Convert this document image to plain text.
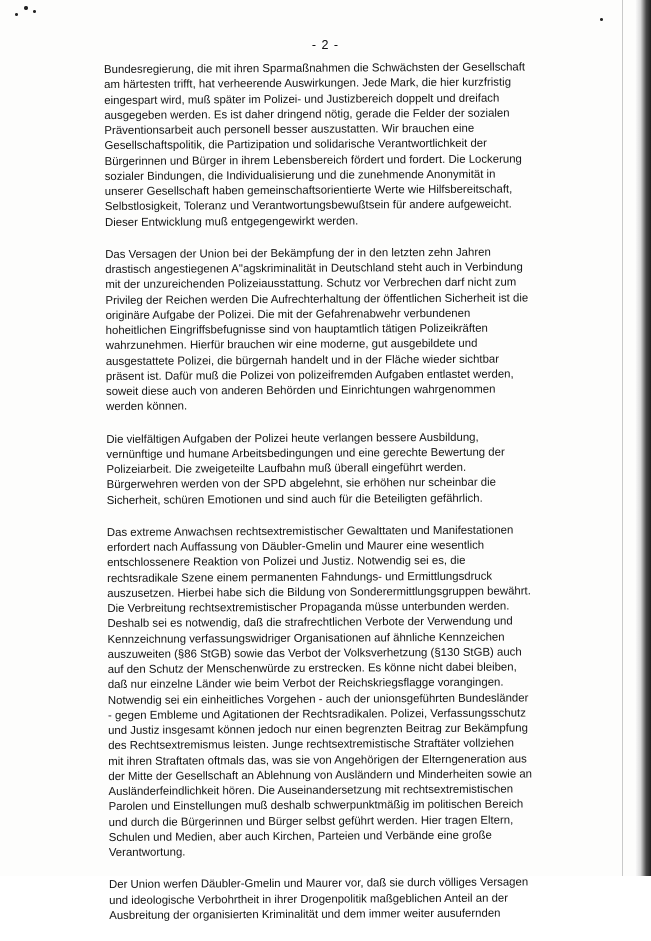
- 2 -

Bundesregierung, die mit ihren Sparmaßnahmen die Schwächsten der Gesellschaft
am härtesten trifft, hat verheerende Auswirkungen. Jede Mark, die hier kurzfristig
eingespart wird, muß später im Polizei- und Justizbereich doppelt und dreifach
ausgegeben werden. Es ist daher dringend nötig, gerade die Felder der sozialen
Präventionsarbeit auch personell besser auszustatten. Wir brauchen eine
Gesellschaftspolitik, die Partizipation und solidarische Verantwortlichkeit der
Bürgerinnen und Bürger in ihrem Lebensbereich fördert und fordert. Die Lockerung
sozialer Bindungen, die Individualisierung und die zunehmende Anonymität in
unserer Gesellschaft haben gemeinschaftsorientierte Werte wie Hilfsbereitschaft,
Selbstlosigkeit, Toleranz und Verantwortungsbewußtsein für andere aufgeweicht.
Dieser Entwicklung muß entgegengewirkt werden.

Das Versagen der Union bei der Bekämpfung der in den letzten zehn Jahren
drastisch angestiegenen A"agskriminalität in Deutschland steht auch in Verbindung
mit der unzureichenden Polizeiausstattung. Schutz vor Verbrechen darf nicht zum
Privileg der Reichen werden Die Aufrechterhaltung der öffentlichen Sicherheit ist die
originäre Aufgabe der Polizei. Die mit der Gefahrenabwehr verbundenen
hoheitlichen Eingriffsbefugnisse sind von hauptamtlich tätigen Polizeikräften
wahrzunehmen. Hierfür brauchen wir eine moderne, gut ausgebildete und
ausgestattete Polizei, die bürgernah handelt und in der Fläche wieder sichtbar
präsent ist. Dafür muß die Polizei von polizeifremden Aufgaben entlastet werden,
soweit diese auch von anderen Behörden und Einrichtungen wahrgenommen
werden können.

Die vielfältigen Aufgaben der Polizei heute verlangen bessere Ausbildung,
vernünftige und humane Arbeitsbedingungen und eine gerechte Bewertung der
Polizeiarbeit. Die zweigeteilte Laufbahn muß überall eingeführt werden.
Bürgerwehren werden von der SPD abgelehnt, sie erhöhen nur scheinbar die
Sicherheit, schüren Emotionen und sind auch für die Beteiligten gefährlich.

Das extreme Anwachsen rechtsextremistischer Gewalttaten und Manifestationen
erfordert nach Auffassung von Däubler-Gmelin und Maurer eine wesentlich
entschlossenere Reaktion von Polizei und Justiz. Notwendig sei es, die
rechtsradikale Szene einem permanenten Fahndungs- und Ermittlungsdruck
auszusetzen. Hierbei habe sich die Bildung von Sonderermittlungsgruppen bewährt.
Die Verbreitung rechtsextremistischer Propaganda müsse unterbunden werden.
Deshalb sei es notwendig, daß die strafrechtlichen Verbote der Verwendung und
Kennzeichnung verfassungswidriger Organisationen auf ähnliche Kennzeichen
auszuweiten (§86 StGB) sowie das Verbot der Volksverhetzung (§130 StGB) auch
auf den Schutz der Menschenwürde zu erstrecken. Es könne nicht dabei bleiben,
daß nur einzelne Länder wie beim Verbot der Reichskriegsflagge vorangingen.
Notwendig sei ein einheitliches Vorgehen - auch der unionsgeführten Bundesländer
- gegen Embleme und Agitationen der Rechtsradikalen. Polizei, Verfassungsschutz
und Justiz insgesamt können jedoch nur einen begrenzten Beitrag zur Bekämpfung
des Rechtsextremismus leisten. Junge rechtsextremistische Straftäter vollziehen
mit ihren Straftaten oftmals das, was sie von Angehörigen der Elterngeneration aus
der Mitte der Gesellschaft an Ablehnung von Ausländern und Minderheiten sowie an
Ausländerfeindlichkeit hören. Die Auseinandersetzung mit rechtsextremistischen
Parolen und Einstellungen muß deshalb schwerpunktmäßig im politischen Bereich
und durch die Bürgerinnen und Bürger selbst geführt werden. Hier tragen Eltern,
Schulen und Medien, aber auch Kirchen, Parteien und Verbände eine große
Verantwortung.

Der Union werfen Däubler-Gmelin und Maurer vor, daß sie durch völliges Versagen
und ideologische Verbohrtheit in ihrer Drogenpolitik maßgeblichen Anteil an der
Ausbreitung der organisierten Kriminalität und dem immer weiter ausufernden
